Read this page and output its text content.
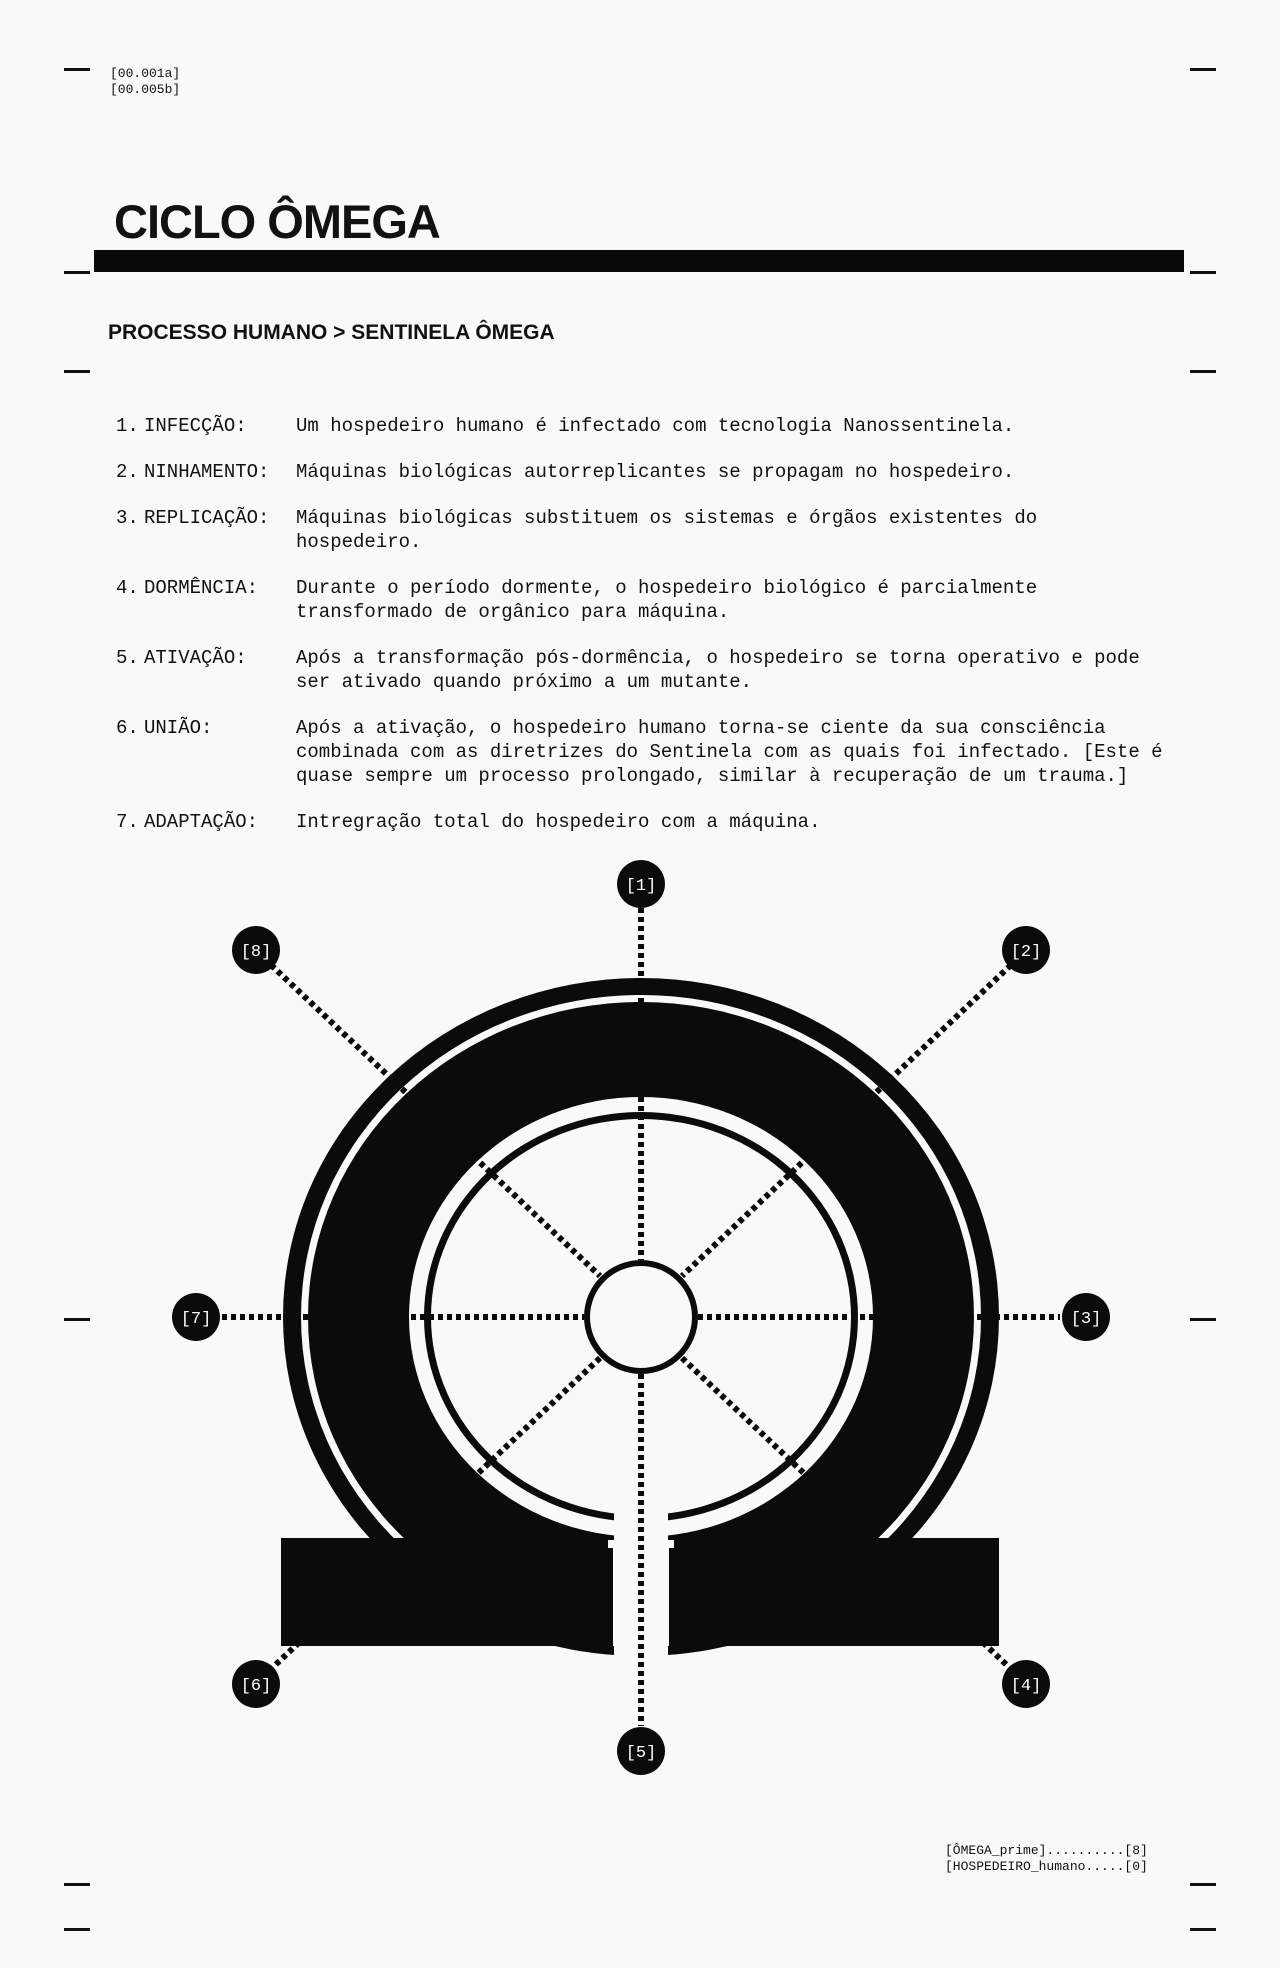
[00.001a]
[00.005b]
CICLO ÔMEGA
PROCESSO HUMANO > SENTINELA ÔMEGA
1. INFECÇÃO:	Um hospedeiro humano é infectado com tecnologia Nanossentinela.
2. NINHAMENTO:	Máquinas biológicas autorreplicantes se propagam no hospedeiro.
3. REPLICAÇÃO:	Máquinas biológicas substituem os sistemas e órgãos existentes do
hospedeiro.
4. DORMÊNCIA:	Durante o período dormente, o hospedeiro biológico é parcialmente
transformado de orgânico para máquina.
5. ATIVAÇÃO:	Após a transformação pós-dormência, o hospedeiro se torna operativo e pode
ser ativado quando próximo a um mutante.
6. UNIÃO:	Após a ativação, o hospedeiro humano torna-se ciente da sua consciência
combinada com as diretrizes do Sentinela com as quais foi infectado. [Este é
quase sempre um processo prolongado, similar à recuperação de um trauma.]
7. ADAPTAÇÃO:	Intregração total do hospedeiro com a máquina.
[1]
[2]
[3]
[4]
[5]
[6]
[7]
[8]
[ÔMEGA_prime]..........[8]
[HOSPEDEIRO_humano.....[0]
